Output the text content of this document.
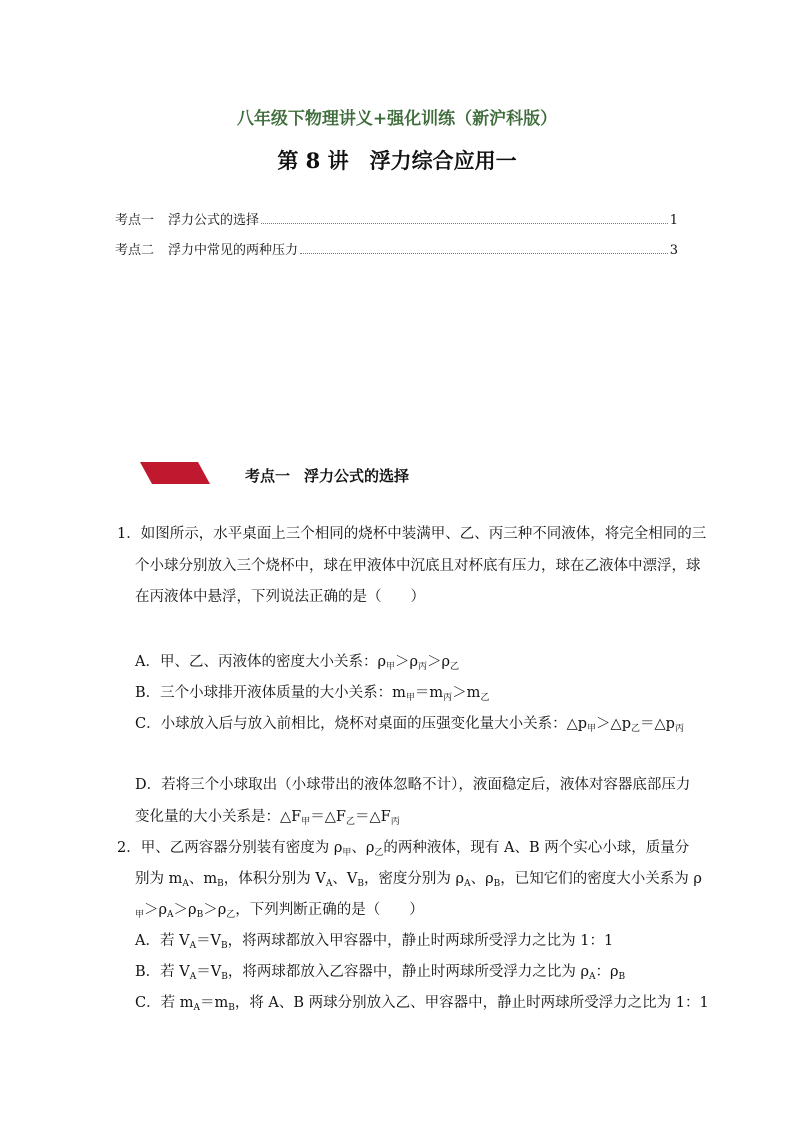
八年级下物理讲义+强化训练（新沪科版）
第 8 讲　浮力综合应用一
考点一 浮力公式的选择	1
考点二 浮力中常见的两种压力	3
考点一 浮力公式的选择
1．如图所示，水平桌面上三个相同的烧杯中装满甲、乙、丙三种不同液体，将完全相同的三
个小球分别放入三个烧杯中，球在甲液体中沉底且对杯底有压力，球在乙液体中漂浮，球
在丙液体中悬浮，下列说法正确的是（　　）
A．甲、乙、丙液体的密度大小关系：$\rho_甲>\rho_丙>\rho_乙$
B．三个小球排开液体质量的大小关系：$m_甲=m_丙>m_乙$
C．小球放入后与放入前相比，烧杯对桌面的压强变化量大小关系：$\triangle p_甲>\triangle p_乙=\triangle p_丙$
D．若将三个小球取出（小球带出的液体忽略不计），液面稳定后，液体对容器底部压力
变化量的大小关系是：$\triangle F_甲=\triangle F_乙=\triangle F_丙$
2．甲、乙两容器分别装有密度为 $\rho_甲$、$\rho_乙$的两种液体，现有 A、B 两个实心小球，质量分
别为 $m_A$、$m_B$，体积分别为 $V_A$、$V_B$，密度分别为 $\rho_A$、$\rho_B$，已知它们的密度大小关系为 ρ
$_甲>\rho_A>\rho_B>\rho_乙$，下列判断正确的是（　　）
A．若 $V_A=V_B$，将两球都放入甲容器中，静止时两球所受浮力之比为 1：1
B．若 $V_A=V_B$，将两球都放入乙容器中，静止时两球所受浮力之比为 $\rho_A$：$\rho_B$
C．若 $m_A=m_B$，将 A、B 两球分别放入乙、甲容器中，静止时两球所受浮力之比为 1：1
